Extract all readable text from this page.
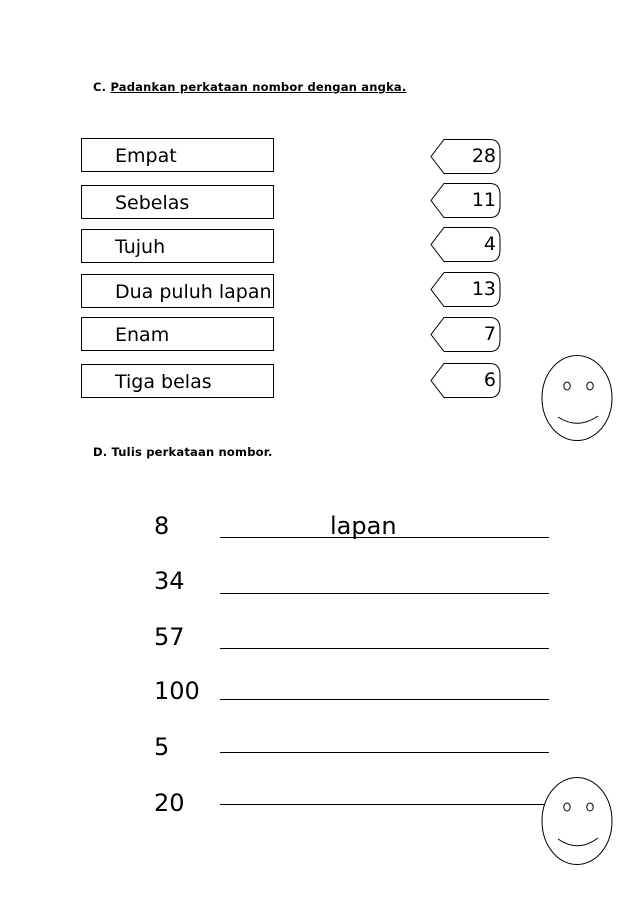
C. Padankan perkataan nombor dengan angka.
Empat
Sebelas
Tujuh
Dua puluh lapan
Enam
Tiga belas
28
11
4
13
7
6
D. Tulis perkataan nombor.
8	lapan
34
57
100
5
20
